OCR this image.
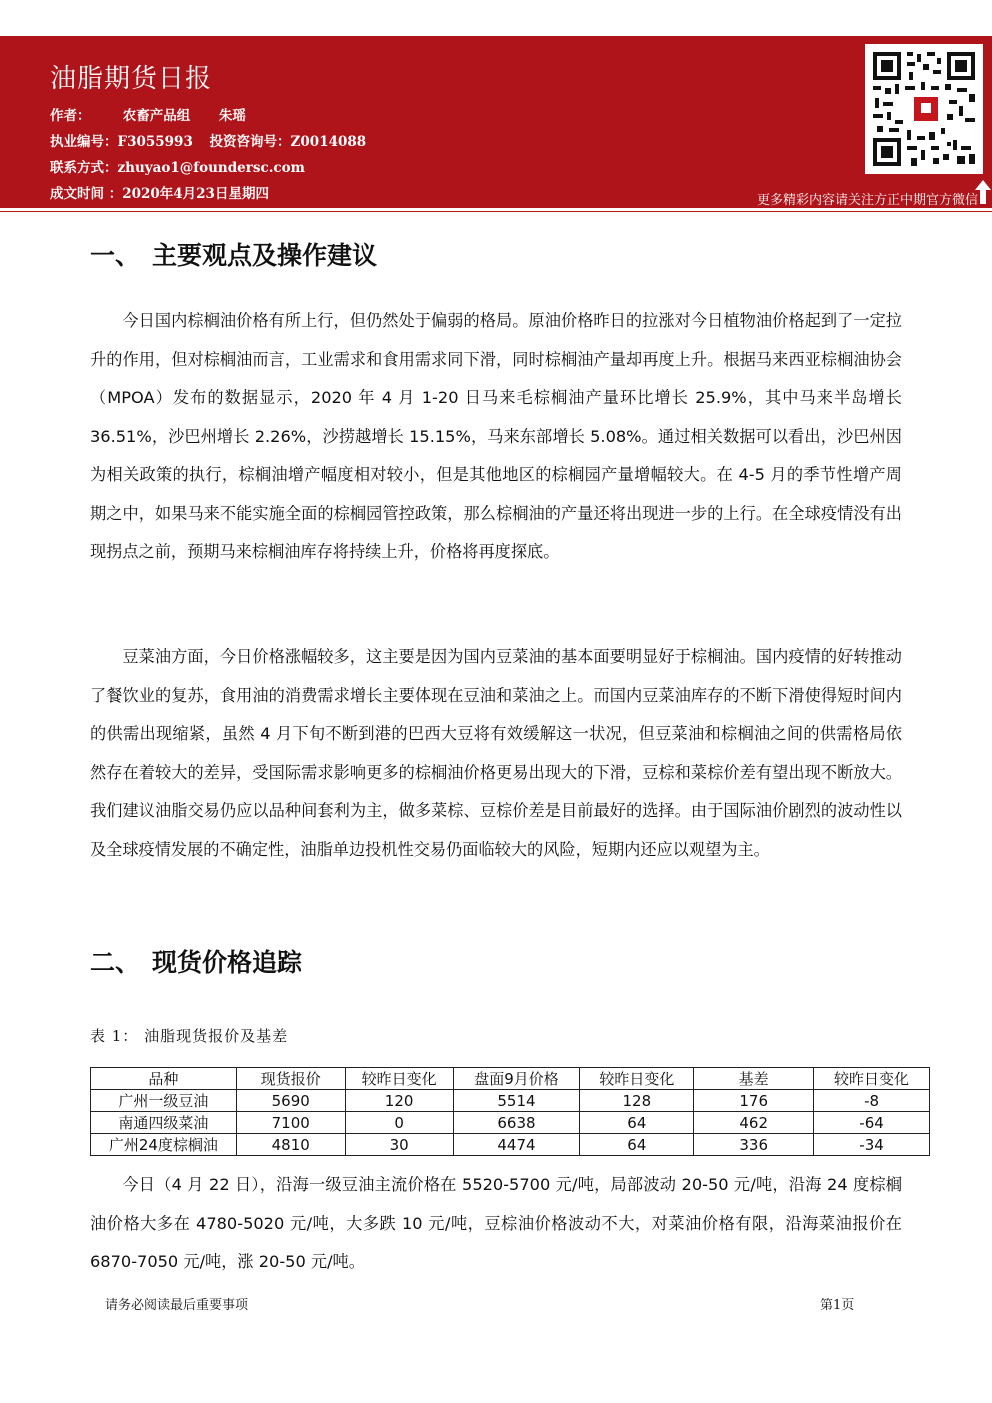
油脂期货日报
作者： 农畜产品组 朱瑶
执业编号：F3055993 投资咨询号：Z0014088
联系方式：zhuyao1@foundersc.com
成文时间 ：2020年4月23日星期四	更多精彩内容请关注方正中期官方微信
一、 主要观点及操作建议

今日国内棕榈油价格有所上行，但仍然处于偏弱的格局。原油价格昨日的拉涨对今日植物油价格起到了一定拉升的作用，但对棕榈油而言，工业需求和食用需求同下滑，同时棕榈油产量却再度上升。根据马来西亚棕榈油协会（MPOA）发布的数据显示，2020 年 4 月 1-20 日马来毛棕榈油产量环比增长 25.9%，其中马来半岛增长 36.51%，沙巴州增长 2.26%，沙捞越增长 15.15%，马来东部增长 5.08%。通过相关数据可以看出，沙巴州因为相关政策的执行，棕榈油增产幅度相对较小，但是其他地区的棕榈园产量增幅较大。在 4-5 月的季节性增产周期之中，如果马来不能实施全面的棕榈园管控政策，那么棕榈油的产量还将出现进一步的上行。在全球疫情没有出现拐点之前，预期马来棕榈油库存将持续上升，价格将再度探底。

豆菜油方面，今日价格涨幅较多，这主要是因为国内豆菜油的基本面要明显好于棕榈油。国内疫情的好转推动了餐饮业的复苏，食用油的消费需求增长主要体现在豆油和菜油之上。而国内豆菜油库存的不断下滑使得短时间内的供需出现缩紧，虽然 4 月下旬不断到港的巴西大豆将有效缓解这一状况，但豆菜油和棕榈油之间的供需格局依然存在着较大的差异，受国际需求影响更多的棕榈油价格更易出现大的下滑，豆棕和菜棕价差有望出现不断放大。我们建议油脂交易仍应以品种间套利为主，做多菜棕、豆棕价差是目前最好的选择。由于国际油价剧烈的波动性以及全球疫情发展的不确定性，油脂单边投机性交易仍面临较大的风险，短期内还应以观望为主。

二、 现货价格追踪
表 1： 油脂现货报价及基差
品种	现货报价	较昨日变化	盘面9月价格	较昨日变化	基差	较昨日变化
广州一级豆油	5690	120	5514	128	176	-8
南通四级菜油	7100	0	6638	64	462	-64
广州24度棕榈油	4810	30	4474	64	336	-34

今日（4 月 22 日），沿海一级豆油主流价格在 5520-5700 元/吨，局部波动 20-50 元/吨，沿海 24 度棕榈油价格大多在 4780-5020 元/吨，大多跌 10 元/吨，豆棕油价格波动不大，对菜油价格有限，沿海菜油报价在 6870-7050 元/吨，涨 20-50 元/吨。

请务必阅读最后重要事项	第1页
